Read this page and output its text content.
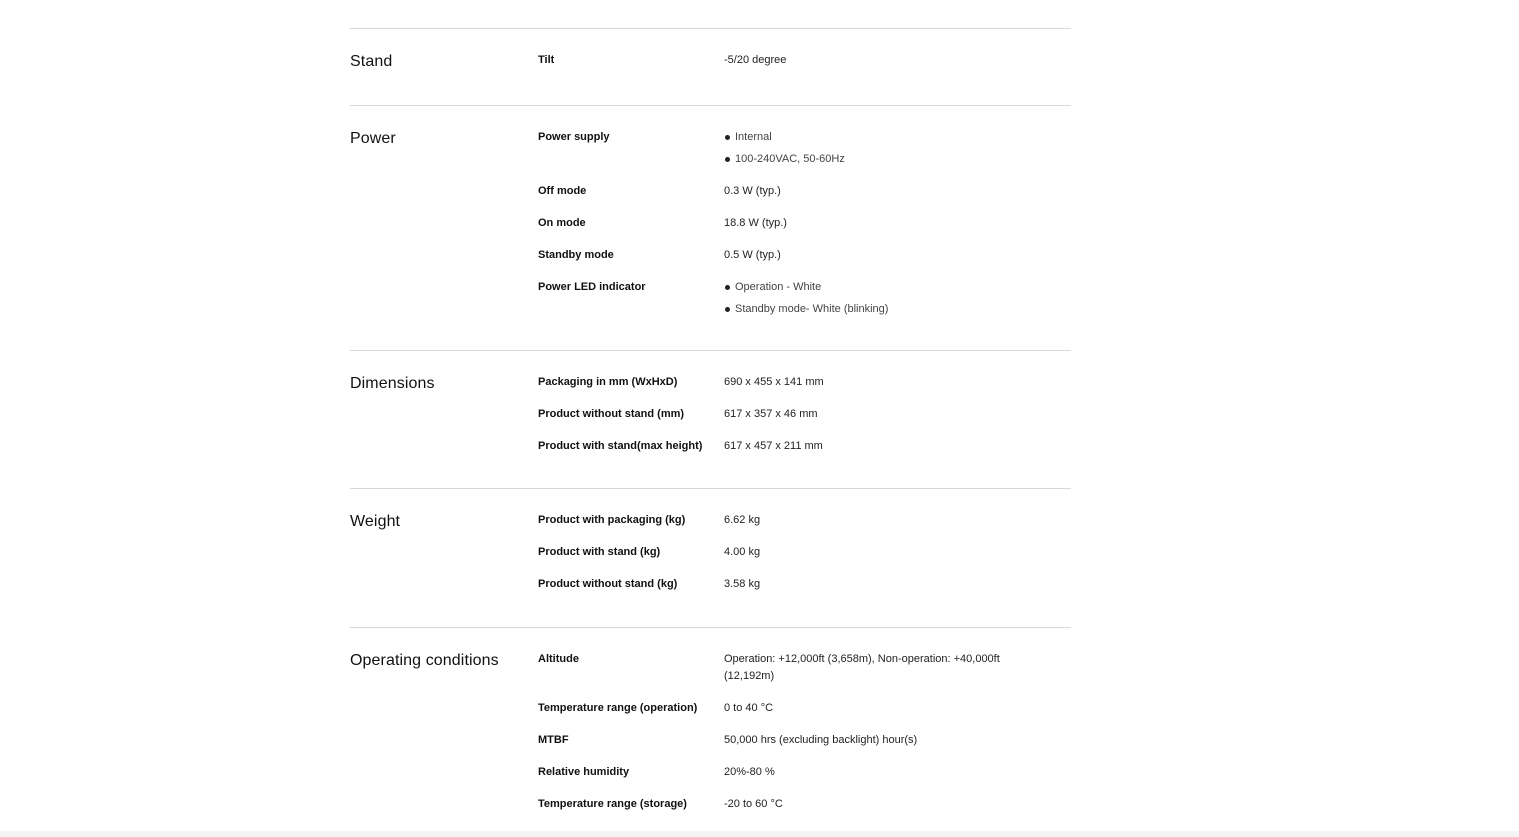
Stand	Tilt	-5/20 degree
Power	Power supply	Internal
100-240VAC, 50-60Hz
Off mode	0.3 W (typ.)
On mode	18.8 W (typ.)
Standby mode	0.5 W (typ.)
Power LED indicator	Operation - White
Standby mode- White (blinking)
Dimensions	Packaging in mm (WxHxD)	690 x 455 x 141 mm
Product without stand (mm)	617 x 357 x 46 mm
Product with stand(max height)	617 x 457 x 211 mm
Weight	Product with packaging (kg)	6.62 kg
Product with stand (kg)	4.00 kg
Product without stand (kg)	3.58 kg
Operating conditions	Altitude	Operation: +12,000ft (3,658m), Non-operation: +40,000ft (12,192m)
Temperature range (operation)	0 to 40 °C
MTBF	50,000 hrs (excluding backlight) hour(s)
Relative humidity	20%-80 %
Temperature range (storage)	-20 to 60 °C
